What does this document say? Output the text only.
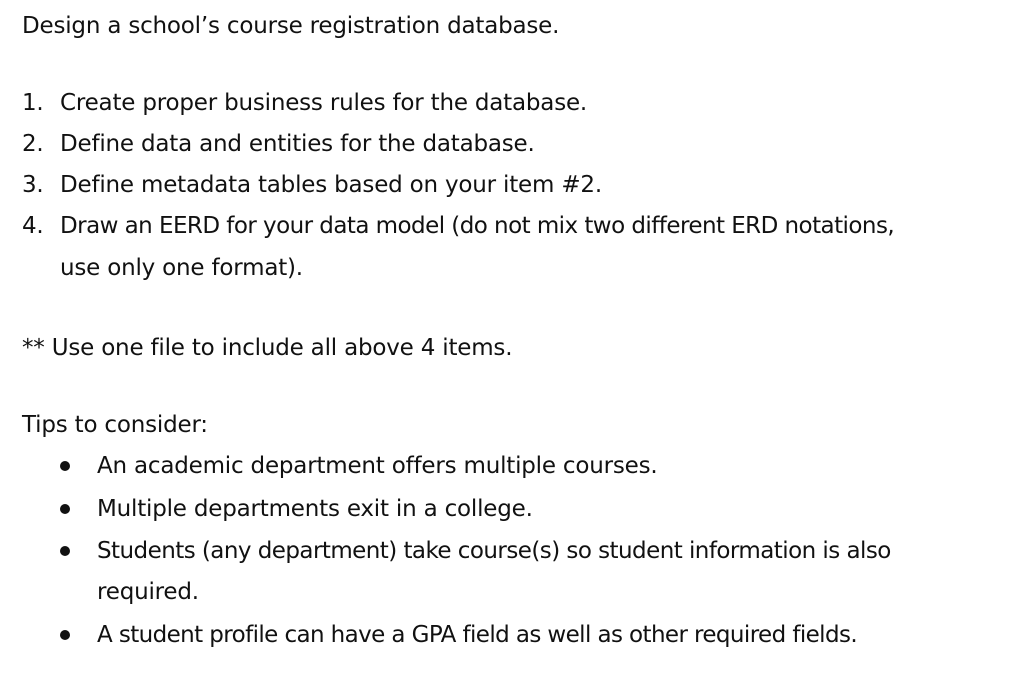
Design a school’s course registration database.
1. Create proper business rules for the database.
2. Define data and entities for the database.
3. Define metadata tables based on your item #2.
4. Draw an EERD for your data model (do not mix two different ERD notations,
use only one format).
** Use one file to include all above 4 items.
Tips to consider:
An academic department offers multiple courses.
Multiple departments exit in a college.
Students (any department) take course(s) so student information is also
required.
A student profile can have a GPA field as well as other required fields.
